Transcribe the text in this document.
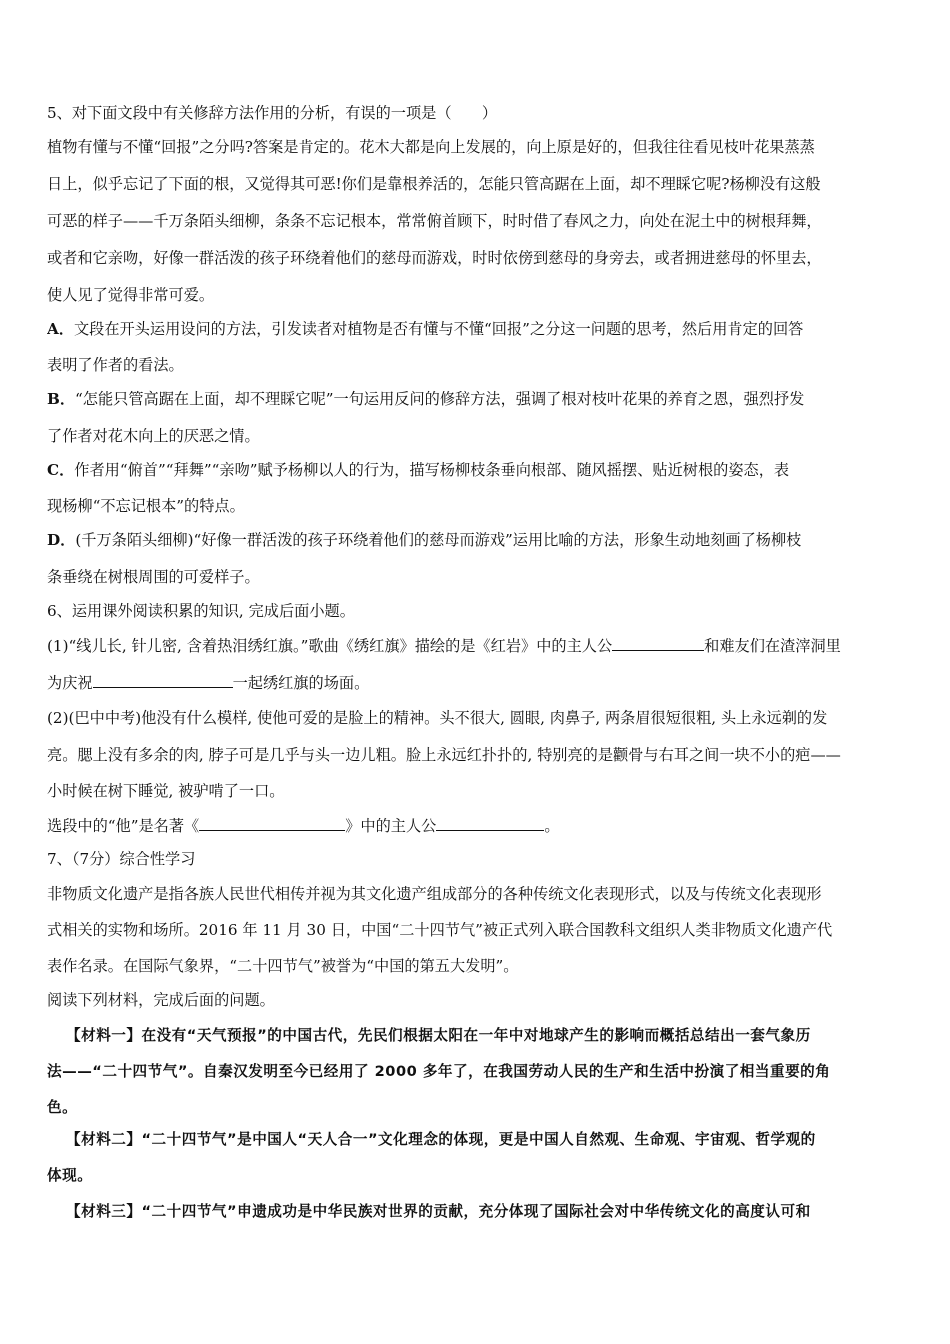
5、对下面文段中有关修辞方法作用的分析，有误的一项是（　　）
植物有懂与不懂“回报”之分吗?答案是肯定的。花木大都是向上发展的，向上原是好的，但我往往看见枝叶花果蒸蒸
日上，似乎忘记了下面的根，又觉得其可恶!你们是靠根养活的，怎能只管高踞在上面，却不理睬它呢?杨柳没有这般
可恶的样子——千万条陌头细柳，条条不忘记根本，常常俯首顾下，时时借了春风之力，向处在泥土中的树根拜舞，
或者和它亲吻，好像一群活泼的孩子环绕着他们的慈母而游戏，时时依傍到慈母的身旁去，或者拥进慈母的怀里去，
使人见了觉得非常可爱。
A．文段在开头运用设问的方法，引发读者对植物是否有懂与不懂“回报”之分这一问题的思考，然后用肯定的回答
表明了作者的看法。
B．“怎能只管高踞在上面，却不理睬它呢”一句运用反问的修辞方法，强调了根对枝叶花果的养育之恩，强烈抒发
了作者对花木向上的厌恶之情。
C．作者用“俯首”“拜舞”“亲吻”赋予杨柳以人的行为，描写杨柳枝条垂向根部、随风摇摆、贴近树根的姿态，表
现杨柳“不忘记根本”的特点。
D．(千万条陌头细柳)“好像一群活泼的孩子环绕着他们的慈母而游戏”运用比喻的方法，形象生动地刻画了杨柳枝
条垂绕在树根周围的可爱样子。
6、运用课外阅读积累的知识, 完成后面小题。
(1)“线儿长, 针儿密, 含着热泪绣红旗。”歌曲《绣红旗》描绘的是《红岩》中的主人公	和难友们在渣滓洞里
为庆祝	一起绣红旗的场面。
(2)(巴中中考)他没有什么模样, 使他可爱的是脸上的精神。头不很大, 圆眼, 肉鼻子, 两条眉很短很粗, 头上永远剃的发
亮。腮上没有多余的肉, 脖子可是几乎与头一边儿粗。脸上永远红扑扑的, 特别亮的是颧骨与右耳之间一块不小的疤——
小时候在树下睡觉, 被驴啃了一口。
选段中的“他”是名著《	》中的主人公	。
7、（7分）综合性学习
非物质文化遗产是指各族人民世代相传并视为其文化遗产组成部分的各种传统文化表现形式，以及与传统文化表现形
式相关的实物和场所。2016 年 11 月 30 日，中国“二十四节气”被正式列入联合国教科文组织人类非物质文化遗产代
表作名录。在国际气象界，“二十四节气”被誉为“中国的第五大发明”。
阅读下列材料，完成后面的问题。
【材料一】在没有“天气预报”的中国古代，先民们根据太阳在一年中对地球产生的影响而概括总结出一套气象历
法——“二十四节气”。自秦汉发明至今已经用了 2000 多年了，在我国劳动人民的生产和生活中扮演了相当重要的角
色。
【材料二】“二十四节气”是中国人“天人合一”文化理念的体现，更是中国人自然观、生命观、宇宙观、哲学观的
体现。
【材料三】“二十四节气”申遗成功是中华民族对世界的贡献，充分体现了国际社会对中华传统文化的高度认可和
